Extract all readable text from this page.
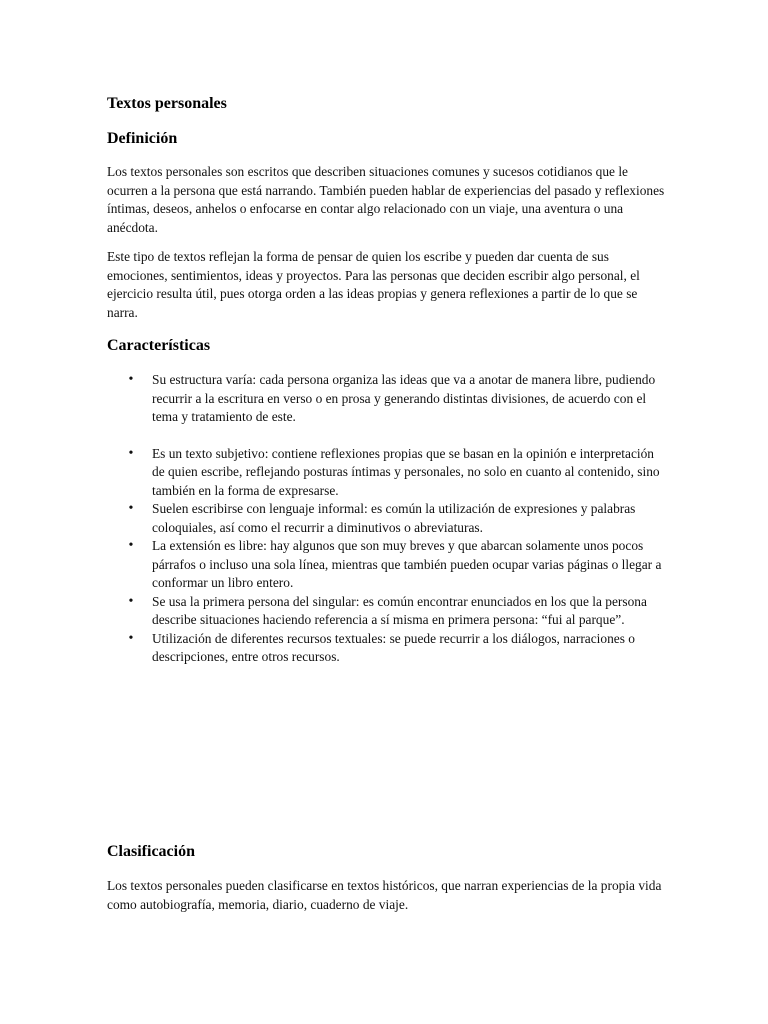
Textos personales
Definición

Los textos personales son escritos que describen situaciones comunes y sucesos cotidianos que le ocurren a la persona que está narrando. También pueden hablar de experiencias del pasado y reflexiones íntimas, deseos, anhelos o enfocarse en contar algo relacionado con un viaje, una aventura o una anécdota.

Este tipo de textos reflejan la forma de pensar de quien los escribe y pueden dar cuenta de sus emociones, sentimientos, ideas y proyectos. Para las personas que deciden escribir algo personal, el ejercicio resulta útil, pues otorga orden a las ideas propias y genera reflexiones a partir de lo que se narra.

Características
• Su estructura varía: cada persona organiza las ideas que va a anotar de manera libre, pudiendo recurrir a la escritura en verso o en prosa y generando distintas divisiones, de acuerdo con el tema y tratamiento de este.
• Es un texto subjetivo: contiene reflexiones propias que se basan en la opinión e interpretación de quien escribe, reflejando posturas íntimas y personales, no solo en cuanto al contenido, sino también en la forma de expresarse.
• Suelen escribirse con lenguaje informal: es común la utilización de expresiones y palabras coloquiales, así como el recurrir a diminutivos o abreviaturas.
• La extensión es libre: hay algunos que son muy breves y que abarcan solamente unos pocos párrafos o incluso una sola línea, mientras que también pueden ocupar varias páginas o llegar a conformar un libro entero.
• Se usa la primera persona del singular: es común encontrar enunciados en los que la persona describe situaciones haciendo referencia a sí misma en primera persona: “fui al parque”.
• Utilización de diferentes recursos textuales: se puede recurrir a los diálogos, narraciones o descripciones, entre otros recursos.
Clasificación

Los textos personales pueden clasificarse en textos históricos, que narran experiencias de la propia vida como autobiografía, memoria, diario, cuaderno de viaje.
